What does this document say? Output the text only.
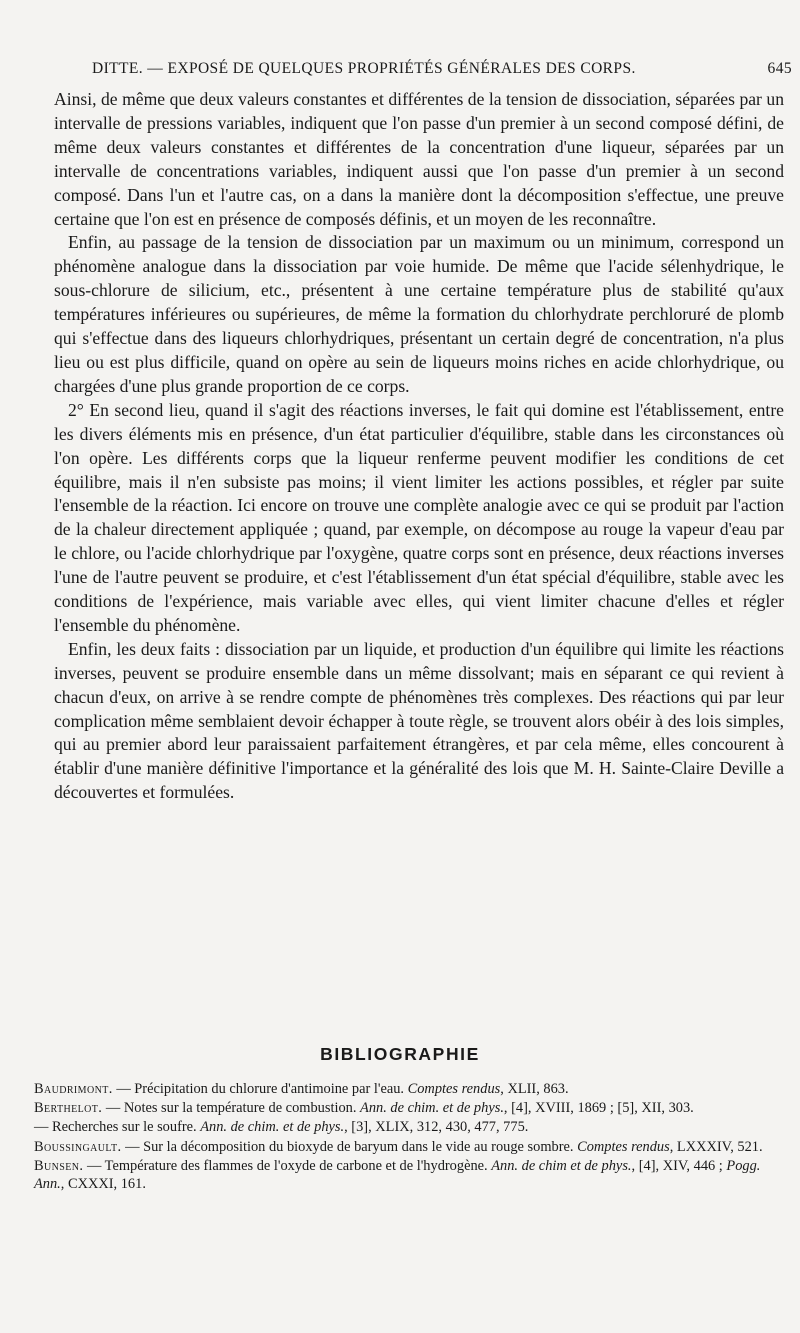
DITTE. — EXPOSÉ DE QUELQUES PROPRIÉTÉS GÉNÉRALES DES CORPS.	645

Ainsi, de même que deux valeurs constantes et différentes de la tension de dissociation, séparées par un intervalle de pressions variables, indiquent que l'on passe d'un premier à un second composé défini, de même deux valeurs constantes et différentes de la concentration d'une liqueur, séparées par un intervalle de concentrations variables, indiquent aussi que l'on passe d'un premier à un second composé. Dans l'un et l'autre cas, on a dans la manière dont la décomposition s'effectue, une preuve certaine que l'on est en présence de composés définis, et un moyen de les reconnaître.

Enfin, au passage de la tension de dissociation par un maximum ou un minimum, correspond un phénomène analogue dans la dissociation par voie humide. De même que l'acide sélenhydrique, le sous-chlorure de silicium, etc., présentent à une certaine température plus de stabilité qu'aux températures inférieures ou supérieures, de même la formation du chlorhydrate perchloruré de plomb qui s'effectue dans des liqueurs chlorhydriques, présentant un certain degré de concentration, n'a plus lieu ou est plus difficile, quand on opère au sein de liqueurs moins riches en acide chlorhydrique, ou chargées d'une plus grande proportion de ce corps.

2° En second lieu, quand il s'agit des réactions inverses, le fait qui domine est l'établissement, entre les divers éléments mis en présence, d'un état particulier d'équilibre, stable dans les circonstances où l'on opère. Les différents corps que la liqueur renferme peuvent modifier les conditions de cet équilibre, mais il n'en subsiste pas moins; il vient limiter les actions possibles, et régler par suite l'ensemble de la réaction. Ici encore on trouve une complète analogie avec ce qui se produit par l'action de la chaleur directement appliquée ; quand, par exemple, on décompose au rouge la vapeur d'eau par le chlore, ou l'acide chlorhydrique par l'oxygène, quatre corps sont en présence, deux réactions inverses l'une de l'autre peuvent se produire, et c'est l'établissement d'un état spécial d'équilibre, stable avec les conditions de l'expérience, mais variable avec elles, qui vient limiter chacune d'elles et régler l'ensemble du phénomène.

Enfin, les deux faits : dissociation par un liquide, et production d'un équilibre qui limite les réactions inverses, peuvent se produire ensemble dans un même dissolvant; mais en séparant ce qui revient à chacun d'eux, on arrive à se rendre compte de phénomènes très complexes. Des réactions qui par leur complication même semblaient devoir échapper à toute règle, se trouvent alors obéir à des lois simples, qui au premier abord leur paraissaient parfaitement étrangères, et par cela même, elles concourent à établir d'une manière définitive l'importance et la généralité des lois que M. H. Sainte-Claire Deville a découvertes et formulées.

BIBLIOGRAPHIE
Baudrimont. — Précipitation du chlorure d'antimoine par l'eau. Comptes rendus, XLII, 863.
Berthelot. — Notes sur la température de combustion. Ann. de chim. et de phys., [4], XVIII, 1869 ; [5], XII, 303.
— Recherches sur le soufre. Ann. de chim. et de phys., [3], XLIX, 312, 430, 477, 775.
Boussingault. — Sur la décomposition du bioxyde de baryum dans le vide au rouge sombre. Comptes rendus, LXXXIV, 521.
Bunsen. — Température des flammes de l'oxyde de carbone et de l'hydrogène. Ann. de chim et de phys., [4], XIV, 446 ; Pogg. Ann., CXXXI, 161.
